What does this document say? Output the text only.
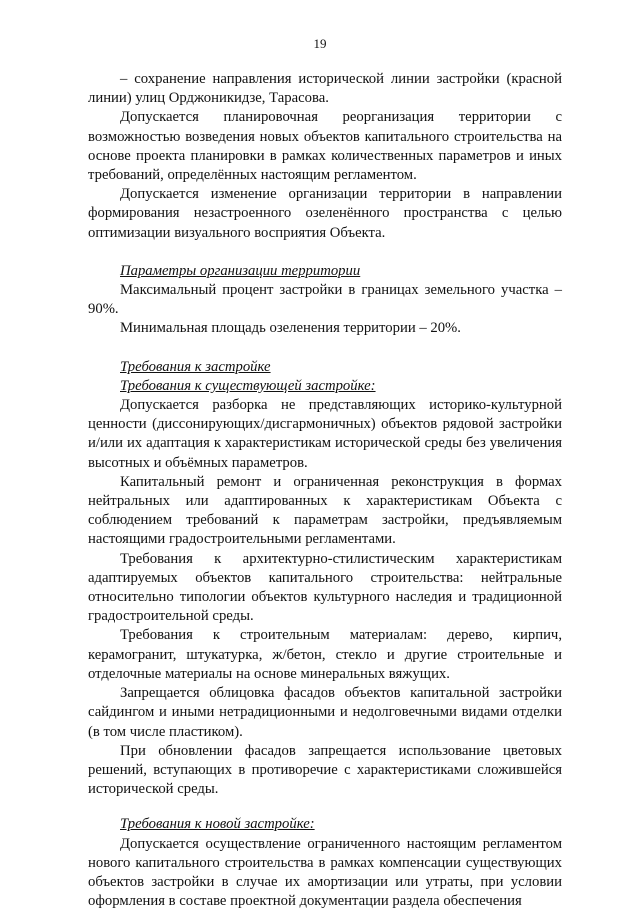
19

– сохранение направления исторической линии застройки (красной линии) улиц Орджоникидзе, Тарасова.

Допускается планировочная реорганизация территории с возможностью возведения новых объектов капитального строительства на основе проекта планировки в рамках количественных параметров и иных требований, определённых настоящим регламентом.

Допускается изменение организации территории в направлении формирования незастроенного озеленённого пространства с целью оптимизации визуального восприятия Объекта.

Параметры организации территории

Максимальный процент застройки в границах земельного участка – 90%.

Минимальная площадь озеленения территории – 20%.

Требования к застройке

Требования к существующей застройке:

Допускается разборка не представляющих историко-культурной ценности (диссонирующих/дисгармоничных) объектов рядовой застройки и/или их адаптация к характеристикам исторической среды без увеличения высотных и объёмных параметров.

Капитальный ремонт и ограниченная реконструкция в формах нейтральных или адаптированных к характеристикам Объекта с соблюдением требований к параметрам застройки, предъявляемым настоящими градостроительными регламентами.

Требования к архитектурно-стилистическим характеристикам адаптируемых объектов капитального строительства: нейтральные относительно типологии объектов культурного наследия и традиционной градостроительной среды.

Требования к строительным материалам: дерево, кирпич, керамогранит, штукатурка, ж/бетон, стекло и другие строительные и отделочные материалы на основе минеральных вяжущих.

Запрещается облицовка фасадов объектов капитальной застройки сайдингом и иными нетрадиционными и недолговечными видами отделки (в том числе пластиком).

При обновлении фасадов запрещается использование цветовых решений, вступающих в противоречие с характеристиками сложившейся исторической среды.

Требования к новой застройке:

Допускается осуществление ограниченного настоящим регламентом нового капитального строительства в рамках компенсации существующих объектов застройки в случае их амортизации или утраты, при условии оформления в составе проектной документации раздела обеспечения
